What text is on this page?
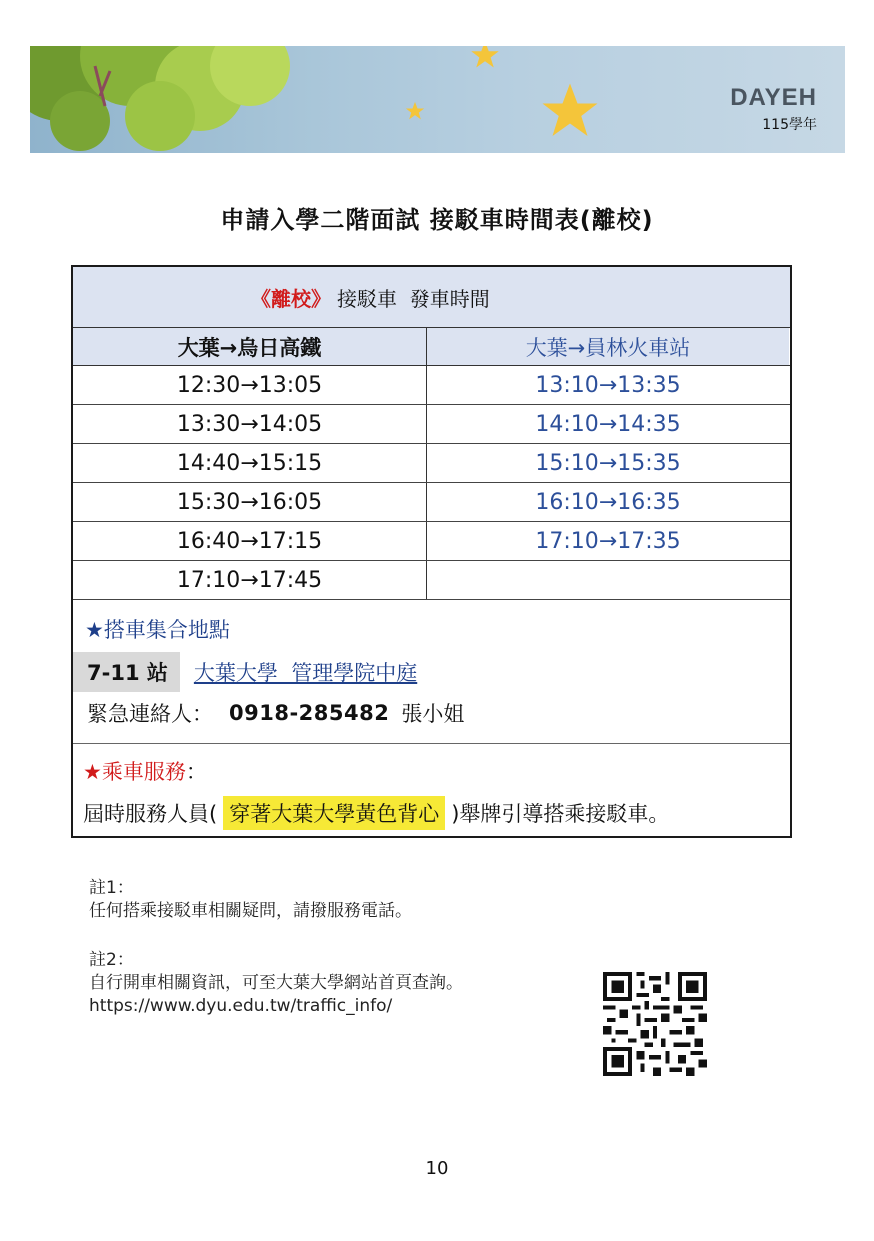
DAYEH
115學年
申請入學二階面試 接駁車時間表(離校)
《離校》 接駁車  發車時間
大葉→烏日高鐵	大葉→員林火車站
12:30→13:05	13:10→13:35
13:30→14:05	14:10→14:35
14:40→15:15	15:10→15:35
15:30→16:05	16:10→16:35
16:40→17:15	17:10→17:35
17:10→17:45
★搭車集合地點
7-11 站	大葉大學  管理學院中庭
緊急連絡人： 0918-285482 張小姐
★乘車服務：
屆時服務人員( 穿著大葉大學黃色背心 )舉牌引導搭乘接駁車。

註1：

任何搭乘接駁車相關疑問，請撥服務電話。

註2：

自行開車相關資訊，可至大葉大學網站首頁查詢。

https://www.dyu.edu.tw/traffic_info/

10
